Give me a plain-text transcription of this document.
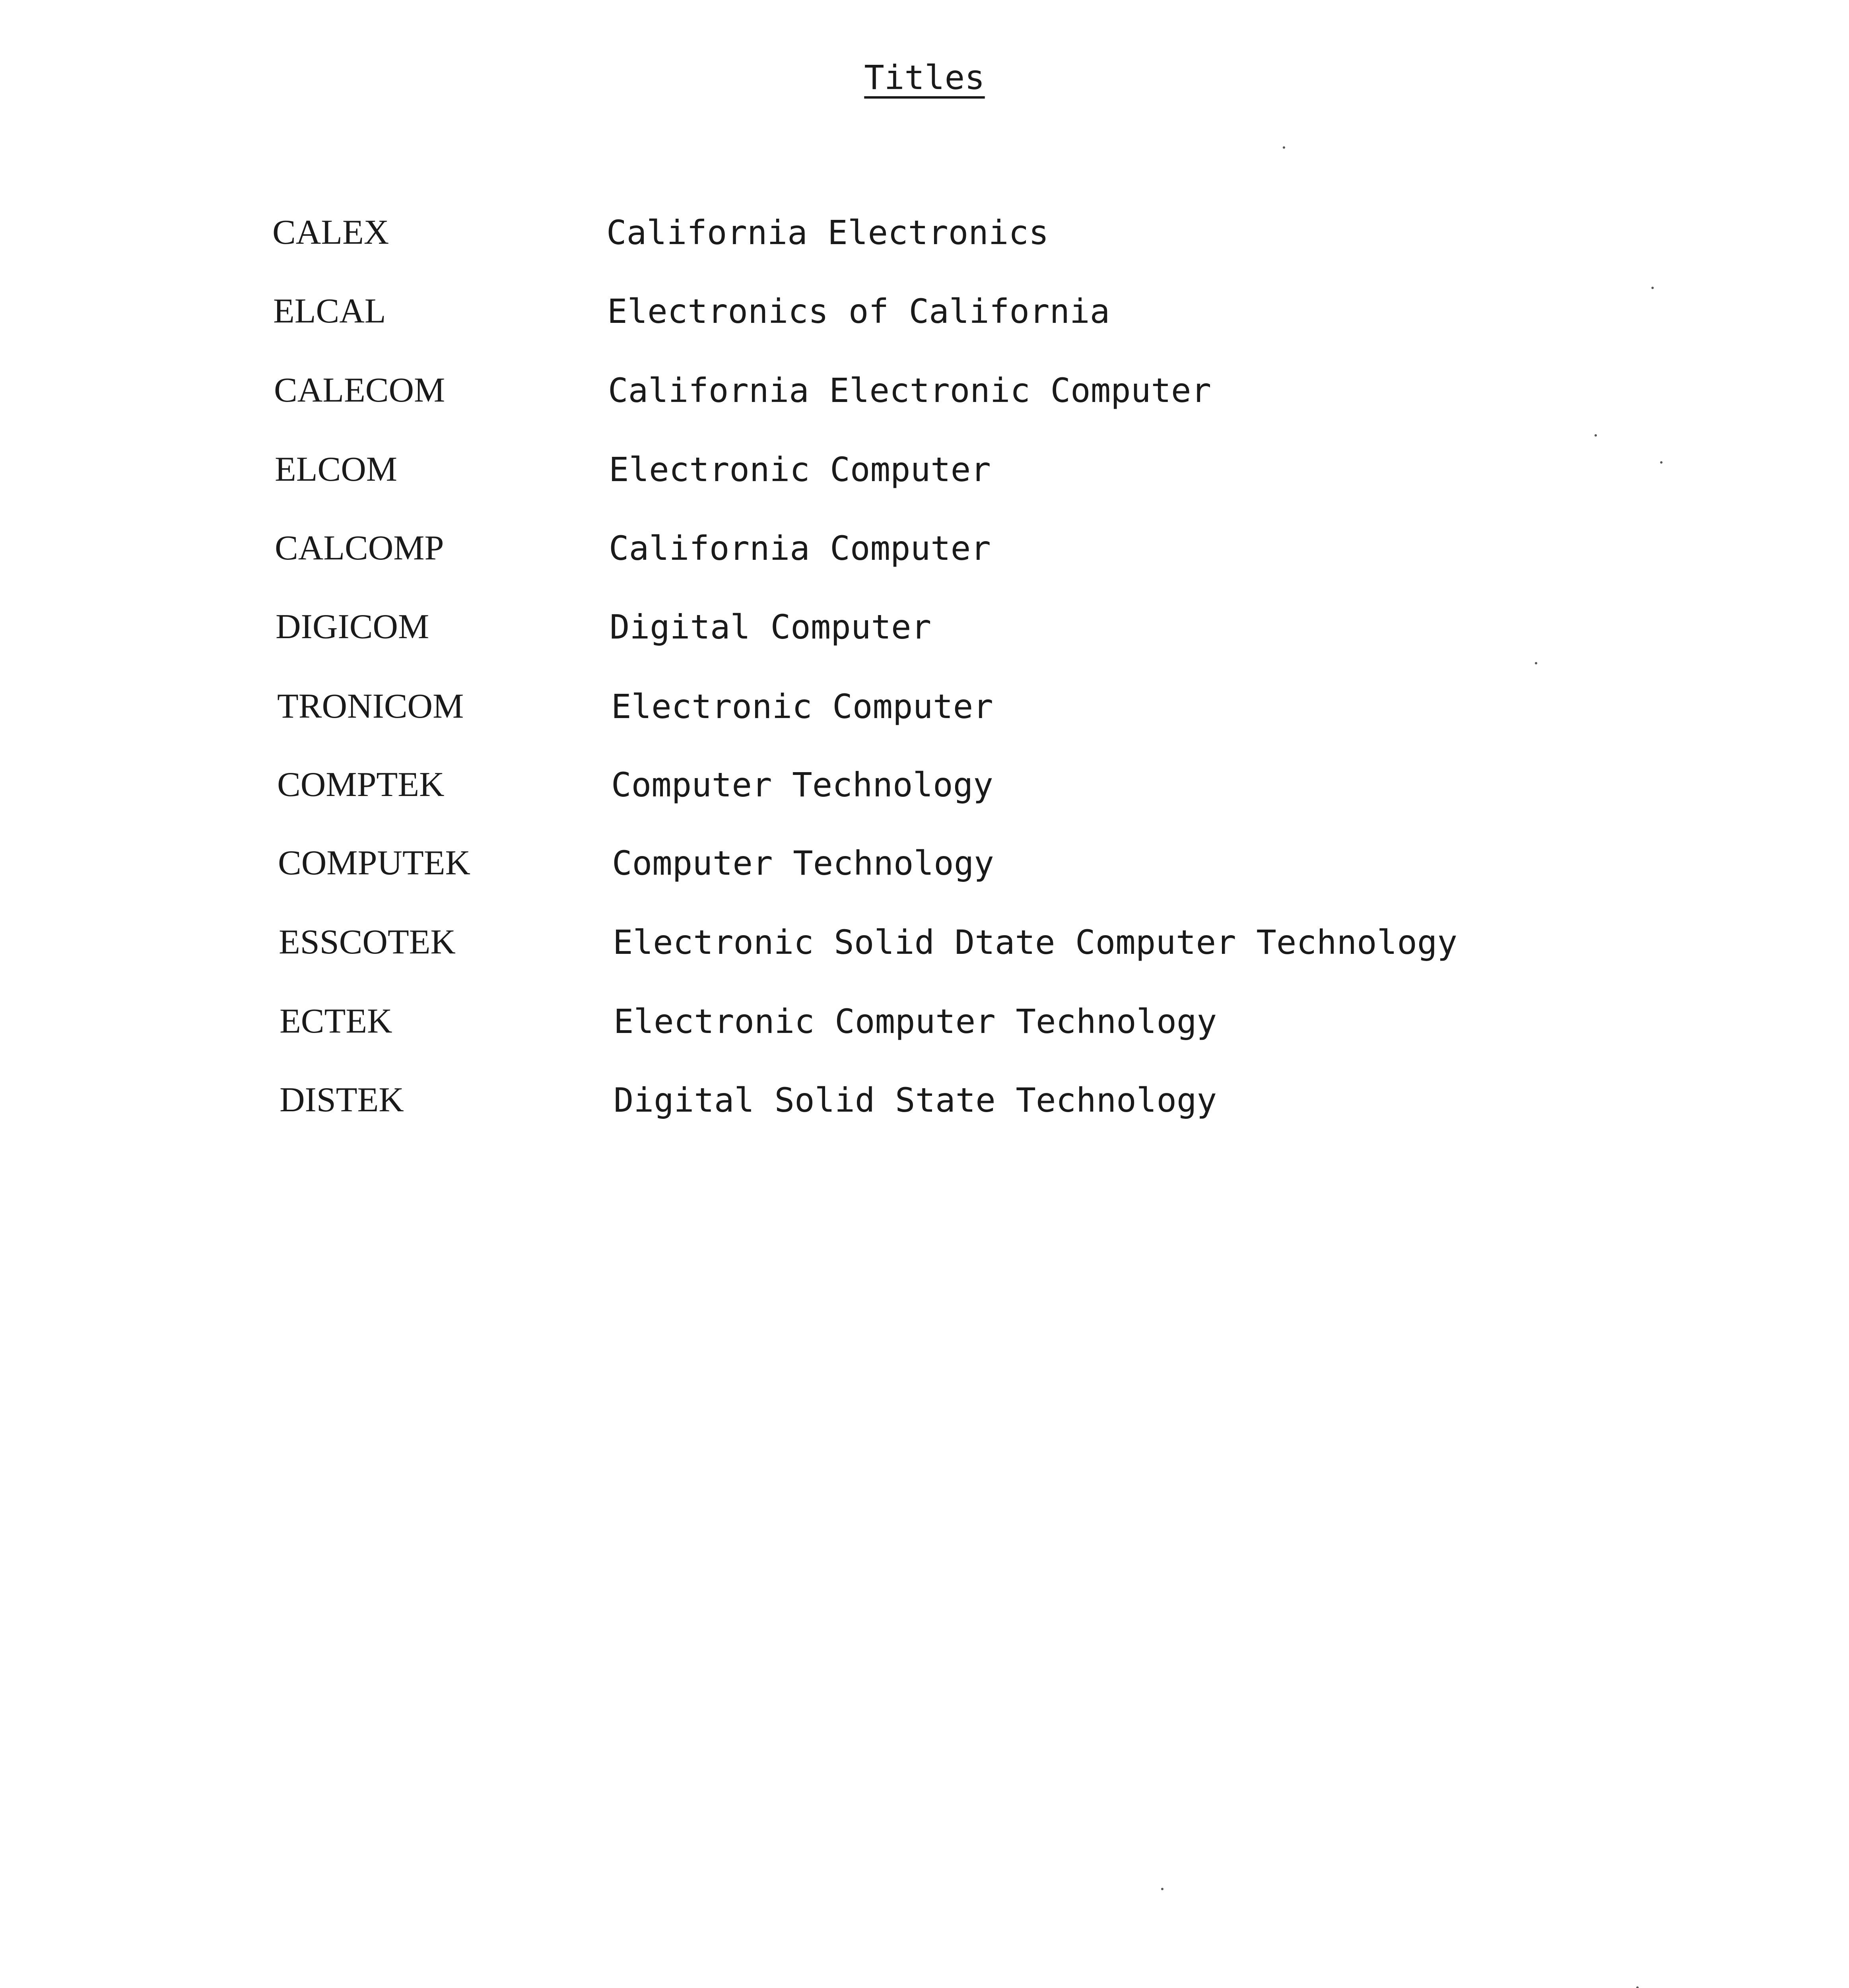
Titles
CALEX	California Electronics
ELCAL	Electronics of California
CALECOM	California Electronic Computer
ELCOM	Electronic Computer
CALCOMP	California Computer
DIGICOM	Digital Computer
TRONICOM	Electronic Computer
COMPTEK	Computer Technology
COMPUTEK	Computer Technology
ESSCOTEK	Electronic Solid Dtate Computer Technology
ECTEK	Electronic Computer Technology
DISTEK	Digital Solid State Technology
